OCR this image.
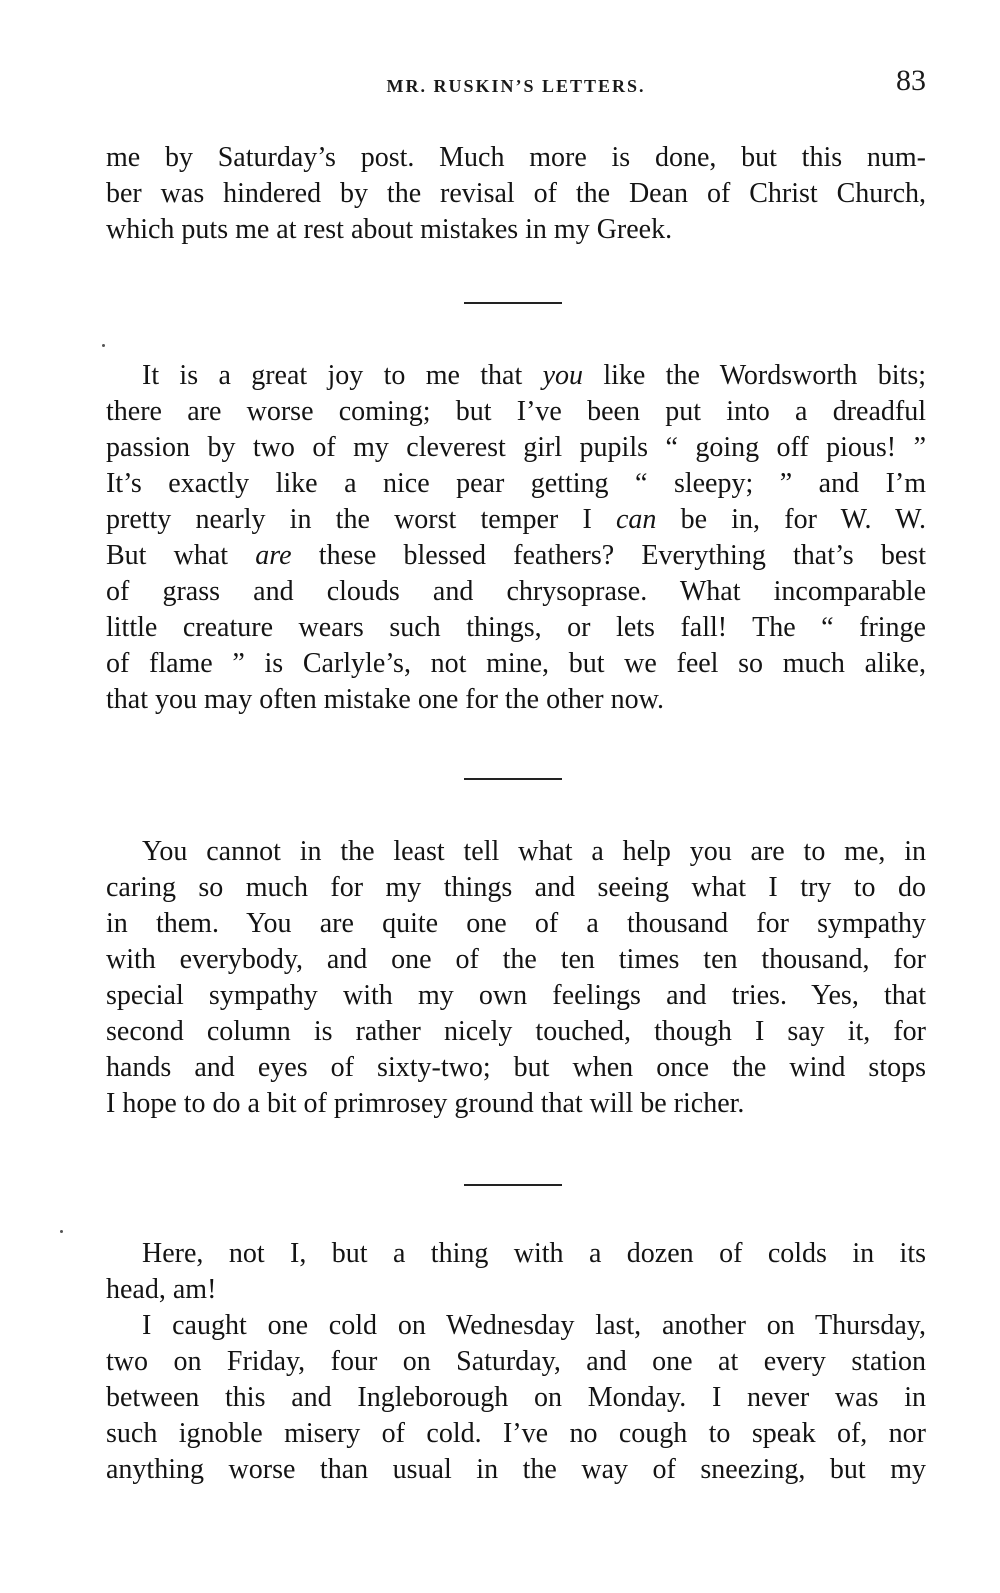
MR. RUSKIN’S LETTERS.	83
me by Saturday’s post. Much more is done, but this num-
ber was hindered by the revisal of the Dean of Christ Church,
which puts me at rest about mistakes in my Greek.
It is a great joy to me that you like the Wordsworth bits;
there are worse coming; but I’ve been put into a dreadful
passion by two of my cleverest girl pupils “ going off pious! ”
It’s exactly like a nice pear getting “ sleepy; ” and I’m
pretty nearly in the worst temper I can be in, for W. W.
But what are these blessed feathers? Everything that’s best
of grass and clouds and chrysoprase. What incomparable
little creature wears such things, or lets fall! The “ fringe
of flame ” is Carlyle’s, not mine, but we feel so much alike,
that you may often mistake one for the other now.
You cannot in the least tell what a help you are to me, in
caring so much for my things and seeing what I try to do
in them. You are quite one of a thousand for sympathy
with everybody, and one of the ten times ten thousand, for
special sympathy with my own feelings and tries. Yes, that
second column is rather nicely touched, though I say it, for
hands and eyes of sixty-two; but when once the wind stops
I hope to do a bit of primrosey ground that will be richer.
Here, not I, but a thing with a dozen of colds in its
head, am!
I caught one cold on Wednesday last, another on Thursday,
two on Friday, four on Saturday, and one at every station
between this and Ingleborough on Monday. I never was in
such ignoble misery of cold. I’ve no cough to speak of, nor
anything worse than usual in the way of sneezing, but my
